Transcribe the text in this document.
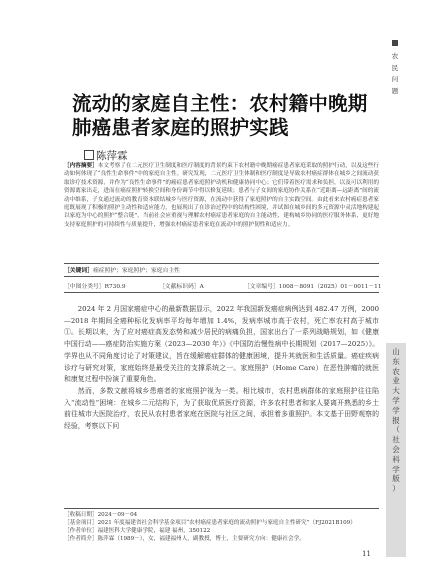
农
民
问
题
山
东
农
业
大
学
学
报
（
社
会
科
学
版
）
流动的家庭自主性：农村籍中晚期
肺癌患者家庭的照护实践
陈萍霖
［内容摘要］本文考察了在二元医疗卫生制度和医疗制度的背景约束下农村籍中晚期癌症患者家庭采取的照护行动，以及这些行动如何体现了“良性生命事件”中的家庭自主性。研究发现，二元医疗卫生体制和医疗制度是导致农村癌症群体在城乡之间流动获取诊疗技术资源，并作为“良性生命事件”的癌症患者家庭照护动机和健康协同中心；它们带着医疗需求和负担，以及可以利用的资源离家出走，进而在癌症照护转换空间和身份调节中得以修复延续；患者与子女间的家庭协作关系在“近距离—远距离”间的流动中维系，子女通过流动的教育资本联结城乡与医疗资源，在流动中获得了家庭照护的自主实践空间。由此看来农村癌症患者家庭既展现了积极的照护主动性和适应能力，也展现出了在诊治过程中的结构性困境，并试图在城乡间的多元资源中灵活地构建起以家庭为中心的照护“整合链”。当前社会应重视与理解农村癌症患者家庭的自主能动性，建构城乡协同的医疗服务体系，更好地支持家庭照护的可持续性与质量提升，增强农村癌症患者家庭在流动中的照护韧性和适应力。
［关键词］癌症照护；家庭照护；家庭自主性
［中图分类号］R730.9	［文献标识码］A	［文章编号］1008－8091（2025）01－0011－11

2024 年 2 月国家癌症中心的最新数据显示，2022 年我国新发癌症病例达到 482.47 万例，2000—2018 年期间全癌种标化发病率平均每年增加 1.4%，发病率城市高于农村，死亡率农村高于城市①。长期以来，为了应对癌症高发态势和减少居民的病痛负担，国家出台了一系列战略规划，如《健康中国行动——癌症防治实施方案（2023—2030 年）》《中国防治慢性病中长期规划（2017—2025）》。学界也从不同角度讨论了对策建议，旨在缓解癌症群体的健康困境，提升其就医和生活质量。癌症疾病诊疗与研究对策，家庭始终是最受关注的支撑系统之一。家庭照护（Home Care）在恶性肿瘤的就医和康复过程中扮演了重要角色。

然而，多数文献将城乡患癌者的家庭照护视为一类。相比城市，农村患病群体的家庭照护往往陷入“流动性”困境：在城乡二元结构下，为了获取优质医疗资源，许多农村患者和家人要离开熟悉的乡土前往城市大医院治疗，农民从农村患者家庭在医院与社区之间，承担着多重照护。本文基于田野观察的经验，考察以下问

［收稿日期］2024－09－04
［基金项目］2021 年度福建省社会科学基金项目“农村癌症患者家庭的流动照护与家庭自主性研究”（FJ2021B109）
［作者单位］福建医科大学健康学院，福建 福州，350122
［作者简介］陈萍霖（1989－），女，福建福州人，副教授，博士，主要研究方向：健康社会学。
11
